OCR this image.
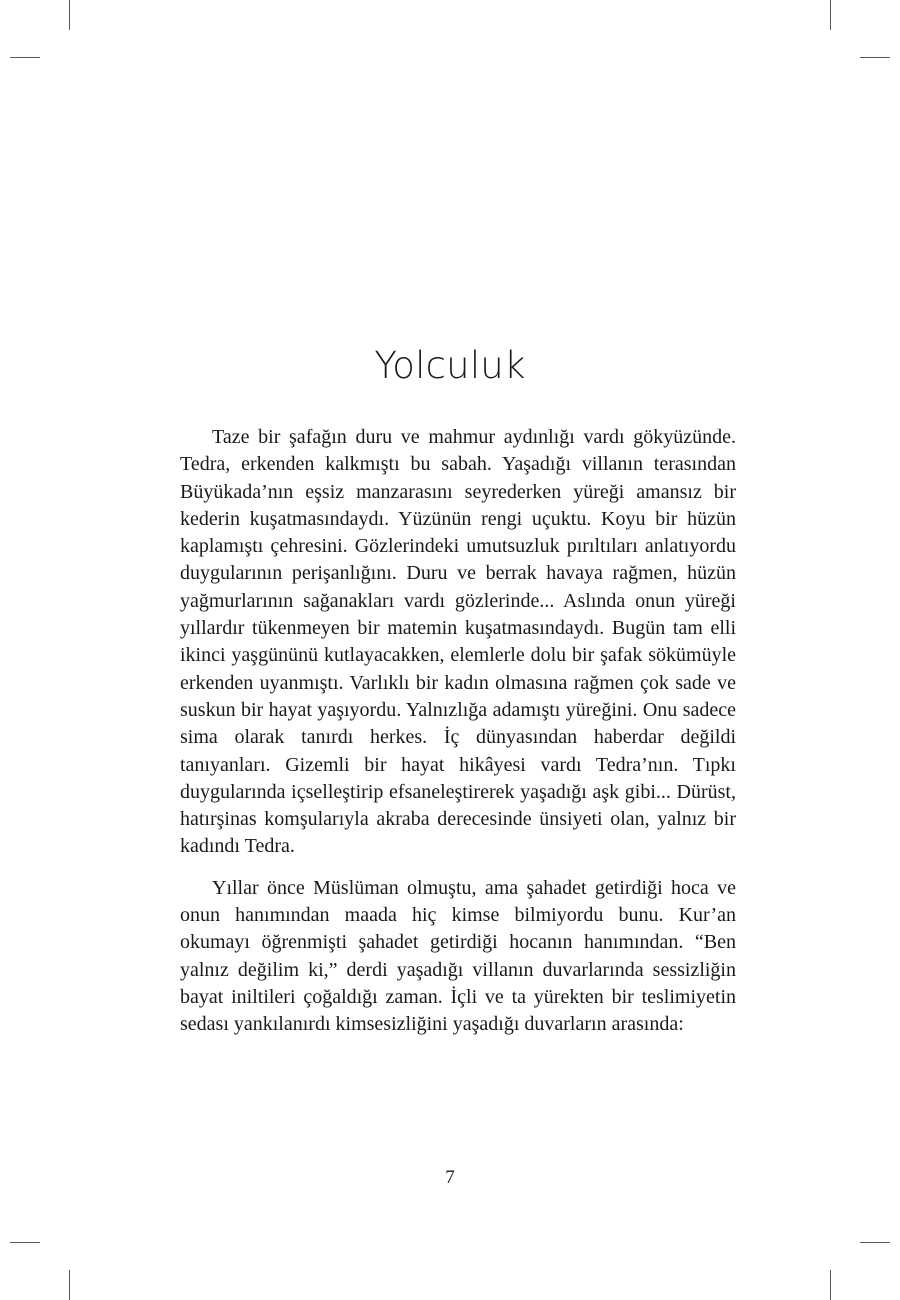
Yolculuk

Taze bir şafağın duru ve mahmur aydınlığı vardı gökyüzünde. Tedra, erkenden kalkmıştı bu sabah. Yaşadığı villanın terasından Büyükada’nın eşsiz manzarasını seyrederken yüreği amansız bir kederin kuşatmasındaydı. Yüzünün rengi uçuktu. Koyu bir hüzün kaplamıştı çehresini. Gözlerindeki umutsuzluk pırıltıları anlatıyordu duygularının perişanlığını. Duru ve berrak havaya rağmen, hüzün yağmurlarının sağanakları vardı gözlerinde... Aslında onun yüreği yıllardır tükenmeyen bir matemin kuşatmasındaydı. Bugün tam elli ikinci yaşgününü kutlayacakken, elemlerle dolu bir şafak sökümüyle erkenden uyanmıştı. Varlıklı bir kadın olmasına rağmen çok sade ve suskun bir hayat yaşıyordu. Yalnızlığa adamıştı yüreğini. Onu sadece sima olarak tanırdı herkes. İç dünyasından haberdar değildi tanıyanları. Gizemli bir hayat hikâyesi vardı Tedra’nın. Tıpkı duygularında içselleştirip efsaneleştirerek yaşadığı aşk gibi... Dürüst, hatırşinas komşularıyla akraba derecesinde ünsiyeti olan, yalnız bir kadındı Tedra.

Yıllar önce Müslüman olmuştu, ama şahadet getirdiği hoca ve onun hanımından maada hiç kimse bilmiyordu bunu. Kur’an okumayı öğrenmişti şahadet getirdiği hocanın hanımından. “Ben yalnız değilim ki,” derdi yaşadığı villanın duvarlarında sessizliğin bayat iniltileri çoğaldığı zaman. İçli ve ta yürekten bir teslimiyetin sedası yankılanırdı kimsesizliğini yaşadığı duvarların arasında:

7
